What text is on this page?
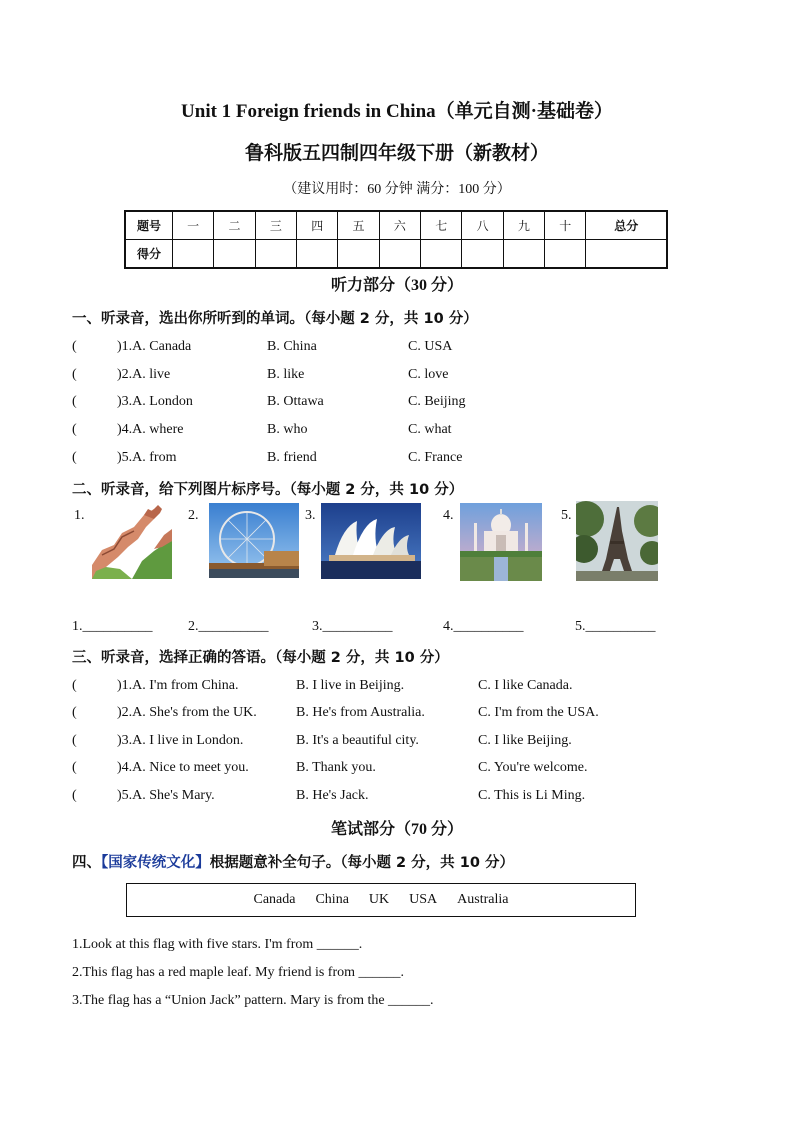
Unit 1 Foreign friends in China（单元自测·基础卷）
鲁科版五四制四年级下册（新教材）
（建议用时：60 分钟 满分：100 分）
题号	一	二	三	四	五	六	七	八	九	十	总分
得分											
听力部分（30 分）
一、听录音，选出你所听到的单词。（每小题 2 分，共 10 分）
(	)1.A. Canada	B. China	C. USA
(	)2.A. live	B. like	C. love
(	)3.A. London	B. Ottawa	C. Beijing
(	)4.A. where	B. who	C. what
(	)5.A. from	B. friend	C. France
二、听录音，给下列图片标序号。（每小题 2 分，共 10 分）
1.	2.	3.	4.	5.
1.__________	2.__________	3.__________	4.__________	5.__________
三、听录音，选择正确的答语。（每小题 2 分，共 10 分）
(	)1.A. I'm from China.	B. I live in Beijing.	C. I like Canada.
(	)2.A. She's from the UK.	B. He's from Australia.	C. I'm from the USA.
(	)3.A. I live in London.	B. It's a beautiful city.	C. I like Beijing.
(	)4.A. Nice to meet you.	B. Thank you.	C. You're welcome.
(	)5.A. She's Mary.	B. He's Jack.	C. This is Li Ming.
笔试部分（70 分）
四、【国家传统文化】根据题意补全句子。（每小题 2 分，共 10 分）
Canada China UK USA Australia
1.Look at this flag with five stars. I'm from ______.
2.This flag has a red maple leaf. My friend is from ______.
3.The flag has a “Union Jack” pattern. Mary is from the ______.
